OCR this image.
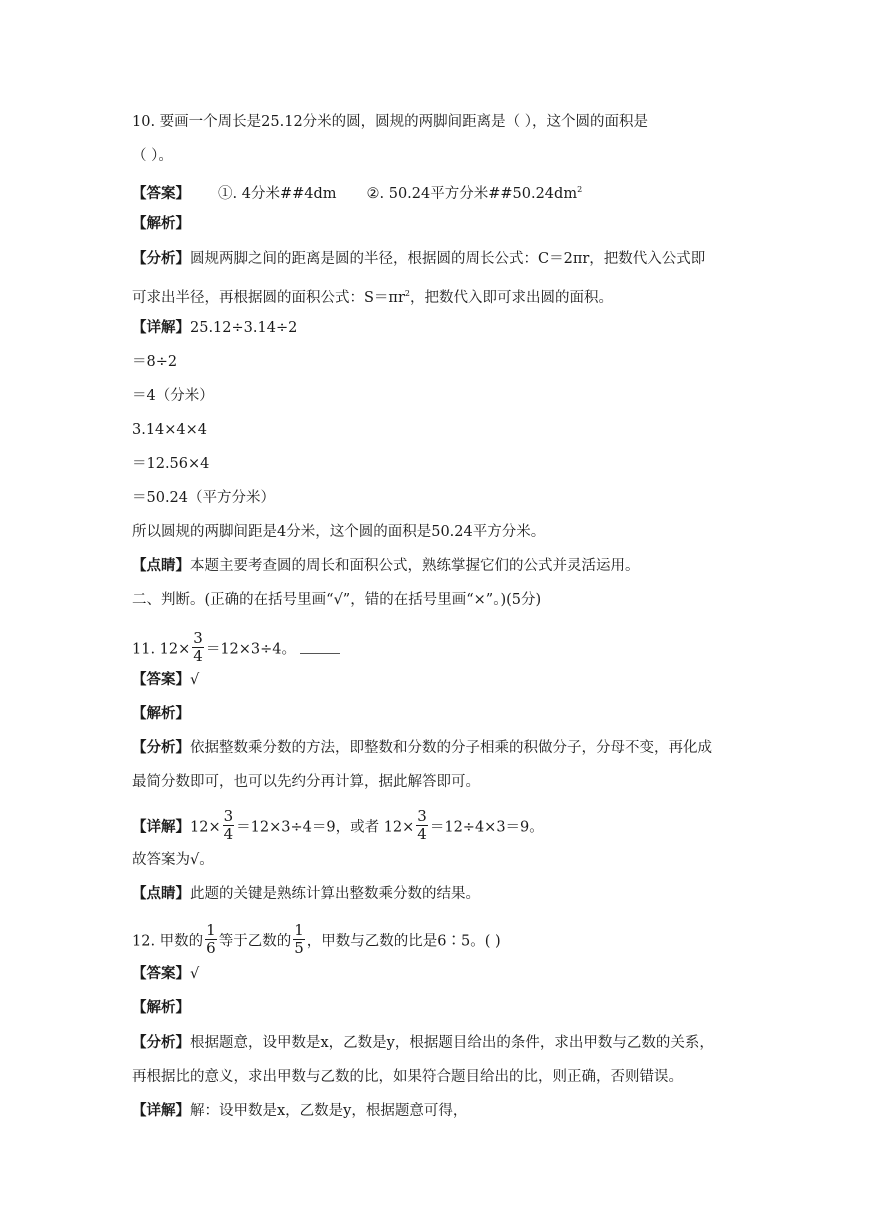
10. 要画一个周长是25.12分米的圆，圆规的两脚间距离是（ ），这个圆的面积是
（ ）。
【答案】 ①. 4分米##4dm ②. 50.24平方分米$\#\#50.24dm^2$
【解析】
【分析】圆规两脚之间的距离是圆的半径，根据圆的周长公式：C＝2πr，把数代入公式即
可求出半径，再根据圆的面积公式：$S=\pi r^2$，把数代入即可求出圆的面积。
【详解】25.12÷3.14÷2
＝8÷2
＝4（分米）
3.14×4×4
＝12.56×4
＝50.24（平方分米）
所以圆规的两脚间距是4分米，这个圆的面积是50.24平方分米。
【点睛】本题主要考查圆的周长和面积公式，熟练掌握它们的公式并灵活运用。
二、判断。(正确的在括号里画“√”，错的在括号里画“×”。)(5分)
11. $12\times \frac{3}{4} =12\times 3\div 4$。
【答案】√
【解析】
【分析】依据整数乘分数的方法，即整数和分数的分子相乘的积做分子，分母不变，再化成
最简分数即可，也可以先约分再计算，据此解答即可。
【详解】$12\times \frac{3}{4} =12\times 3\div 4=9$，或者 $12\times \frac{3}{4} =12\div 4\times 3=9$。
故答案为√。
【点睛】此题的关键是熟练计算出整数乘分数的结果。
12. 甲数的 $\frac{1}{6}$ 等于乙数的 $\frac{1}{5}$ ，甲数与乙数的比是6∶5。( )
【答案】√
【解析】
【分析】根据题意，设甲数是x，乙数是y，根据题目给出的条件，求出甲数与乙数的关系，
再根据比的意义，求出甲数与乙数的比，如果符合题目给出的比，则正确，否则错误。
【详解】解：设甲数是x，乙数是y，根据题意可得，
